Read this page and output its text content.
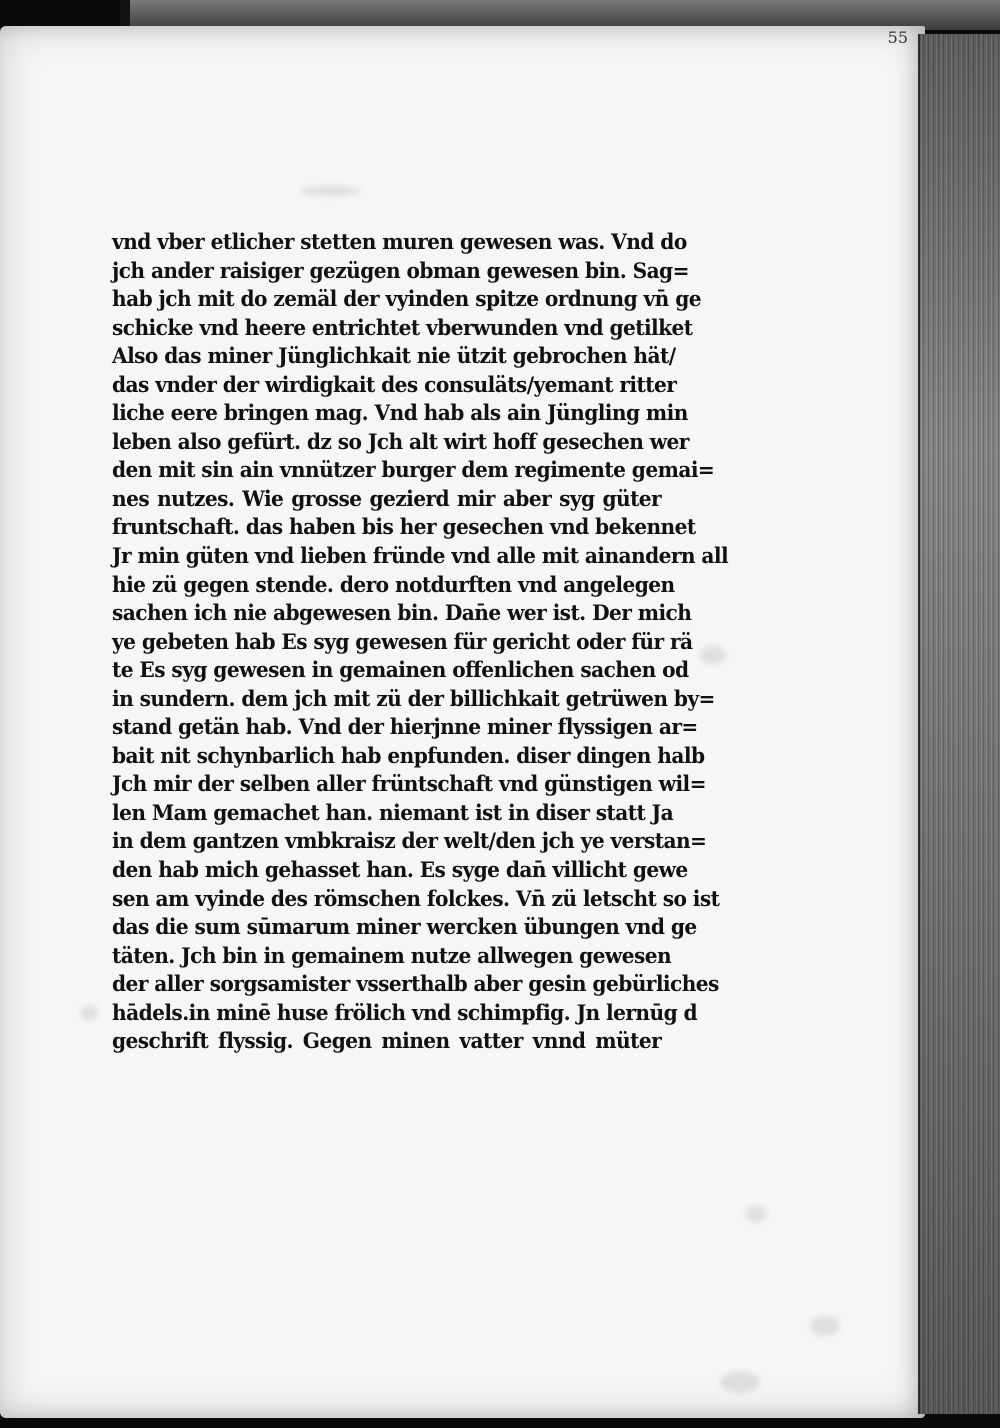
55
vnd vber etlicher stetten muren gewesen was. Vnd do
jch ander raisiger gezügen obman gewesen bin. Sag=
hab jch mit do zemäl der vyinden spitze ordnung vn̄ ge
schicke vnd heere entrichtet vberwunden vnd getilket
Also das miner Jünglichkait nie ützit gebrochen hät/
das vnder der wirdigkait des consuläts/yemant ritter
liche eere bringen mag. Vnd hab als ain Jüngling min
leben also gefürt. dz so Jch alt wirt hoff gesechen wer
den mit sin ain vnnützer burger dem regimente gemai=
nes nutzes. Wie grosse gezierd mir aber syg güter
fruntschaft. das haben bis her gesechen vnd bekennet
Jr min güten vnd lieben fründe vnd alle mit ainandern all
hie zü gegen stende. dero notdurften vnd angelegen
sachen ich nie abgewesen bin. Dan̄e wer ist. Der mich
ye gebeten hab Es syg gewesen für gericht oder für rä
te Es syg gewesen in gemainen offenlichen sachen od
in sundern. dem jch mit zü der billichkait getrüwen by=
stand getän hab. Vnd der hierjnne miner flyssigen ar=
bait nit schynbarlich hab enpfunden. diser dingen halb
Jch mir der selben aller früntschaft vnd günstigen wil=
len Mam gemachet han. niemant ist in diser statt Ja
in dem gantzen vmbkraisz der welt/den jch ye verstan=
den hab mich gehasset han. Es syge dan̄ villicht gewe
sen am vyinde des römschen folckes. Vn̄ zü letscht so ist
das die sum sūmarum miner wercken übungen vnd ge
täten. Jch bin in gemainem nutze allwegen gewesen
der aller sorgsamister vsserthalb aber gesin gebürliches
hādels.in minē huse frölich vnd schimpfig. Jn lernūg d
geschrift flyssig. Gegen minen vatter vnnd müter
